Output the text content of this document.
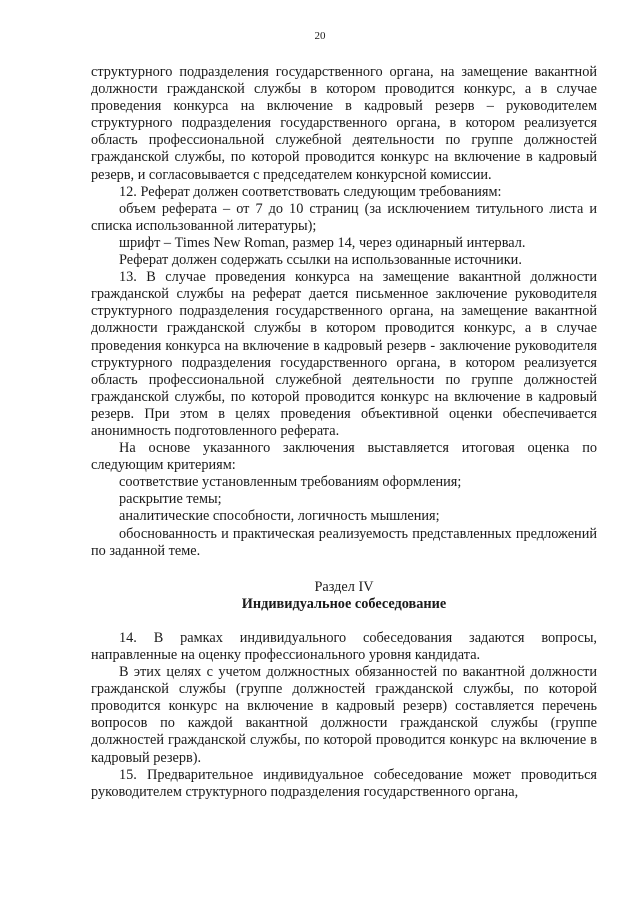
20

структурного подразделения государственного органа, на замещение вакантной должности гражданской службы в котором проводится конкурс, а в случае проведения конкурса на включение в кадровый резерв – руководителем структурного подразделения государственного органа, в котором реализуется область профессиональной служебной деятельности по группе должностей гражданской службы, по которой проводится конкурс на включение в кадровый резерв, и согласовывается с председателем конкурсной комиссии.

12. Реферат должен соответствовать следующим требованиям:

объем реферата – от 7 до 10 страниц (за исключением титульного листа и списка использованной литературы);

шрифт – Times New Roman, размер 14, через одинарный интервал.

Реферат должен содержать ссылки на использованные источники.

13. В случае проведения конкурса на замещение вакантной должности гражданской службы на реферат дается письменное заключение руководителя структурного подразделения государственного органа, на замещение вакантной должности гражданской службы в котором проводится конкурс, а в случае проведения конкурса на включение в кадровый резерв - заключение руководителя структурного подразделения государственного органа, в котором реализуется область профессиональной служебной деятельности по группе должностей гражданской службы, по которой проводится конкурс на включение в кадровый резерв. При этом в целях проведения объективной оценки обеспечивается анонимность подготовленного реферата.

На основе указанного заключения выставляется итоговая оценка по следующим критериям:

соответствие установленным требованиям оформления;

раскрытие темы;

аналитические способности, логичность мышления;

обоснованность и практическая реализуемость представленных предложений по заданной теме.

Раздел IV

Индивидуальное собеседование

14. В рамках индивидуального собеседования задаются вопросы, направленные на оценку профессионального уровня кандидата.

В этих целях с учетом должностных обязанностей по вакантной должности гражданской службы (группе должностей гражданской службы, по которой проводится конкурс на включение в кадровый резерв) составляется перечень вопросов по каждой вакантной должности гражданской службы (группе должностей гражданской службы, по которой проводится конкурс на включение в кадровый резерв).

15. Предварительное индивидуальное собеседование может проводиться руководителем структурного подразделения государственного органа,
